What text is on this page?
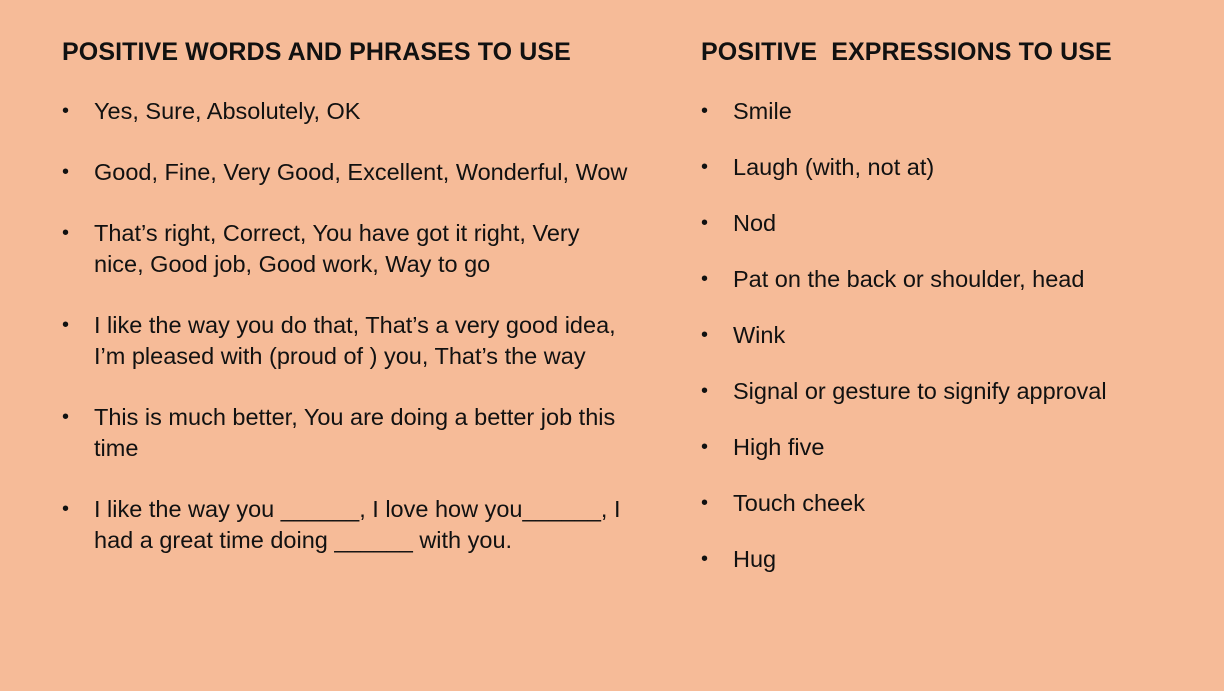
POSITIVE WORDS AND PHRASES TO USE
• Yes, Sure, Absolutely, OK
• Good, Fine, Very Good, Excellent, Wonderful, Wow
• That’s right, Correct, You have got it right, Very nice, Good job, Good work, Way to go
• I like the way you do that, That’s a very good idea, I’m pleased with (proud of ) you, That’s the way
• This is much better, You are doing a better job this time
• I like the way you ______, I love how you______, I had a great time doing ______ with you.
POSITIVE  EXPRESSIONS TO USE
• Smile
• Laugh (with, not at)
• Nod
• Pat on the back or shoulder, head
• Wink
• Signal or gesture to signify approval
• High five
• Touch cheek
• Hug
